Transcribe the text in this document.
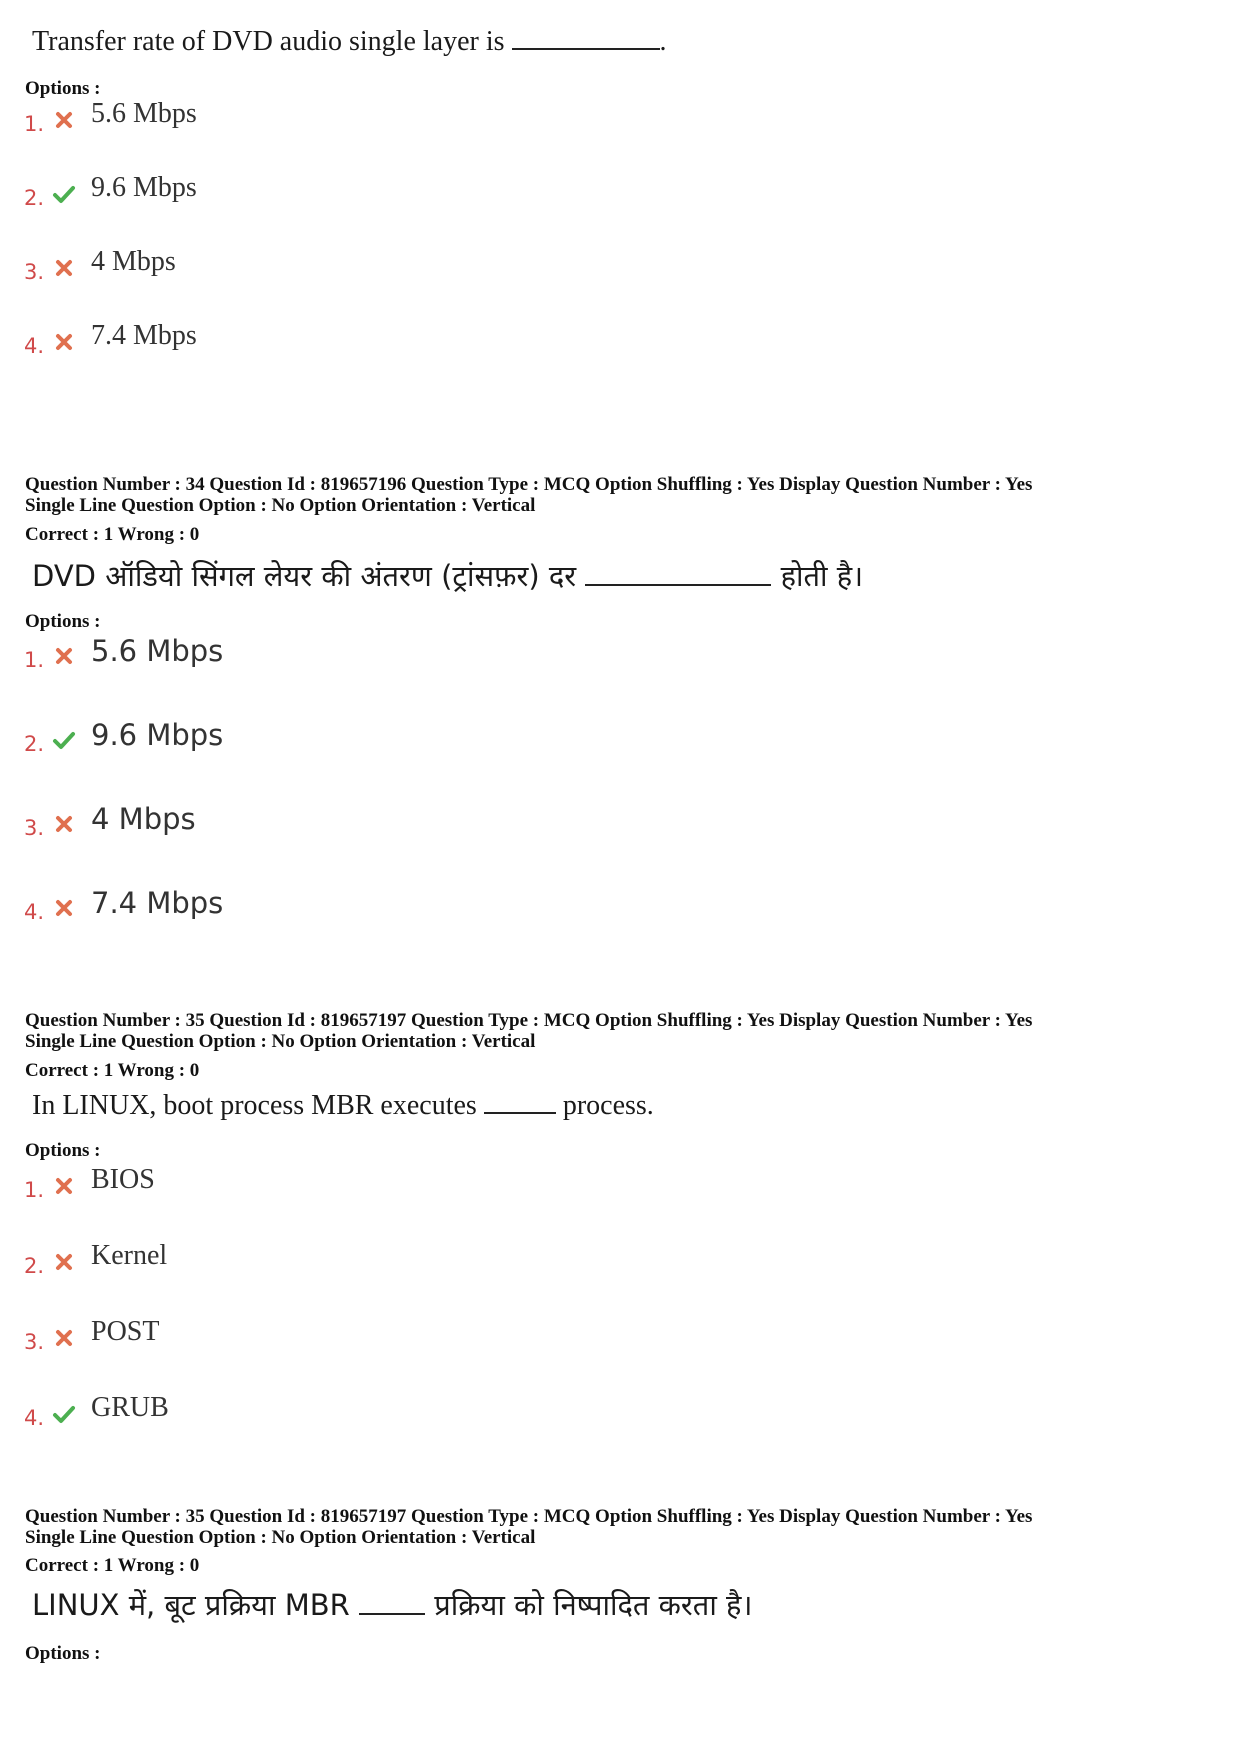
Transfer rate of DVD audio single layer is	.
Options :
1. 5.6 Mbps
2. 9.6 Mbps
3. 4 Mbps
4. 7.4 Mbps
Question Number : 34 Question Id : 819657196 Question Type : MCQ Option Shuffling : Yes Display Question Number : Yes
Single Line Question Option : No Option Orientation : Vertical
Correct : 1 Wrong : 0
DVD ऑडियो सिंगल लेयर की अंतरण (ट्रांसफ़र) दर	होती है।
Options :
1. 5.6 Mbps
2. 9.6 Mbps
3. 4 Mbps
4. 7.4 Mbps
Question Number : 35 Question Id : 819657197 Question Type : MCQ Option Shuffling : Yes Display Question Number : Yes
Single Line Question Option : No Option Orientation : Vertical
Correct : 1 Wrong : 0
In LINUX, boot process MBR executes	process.
Options :
1. BIOS
2. Kernel
3. POST
4. GRUB
Question Number : 35 Question Id : 819657197 Question Type : MCQ Option Shuffling : Yes Display Question Number : Yes
Single Line Question Option : No Option Orientation : Vertical
Correct : 1 Wrong : 0
LINUX में, बूट प्रक्रिया MBR	प्रक्रिया को निष्पादित करता है।
Options :
